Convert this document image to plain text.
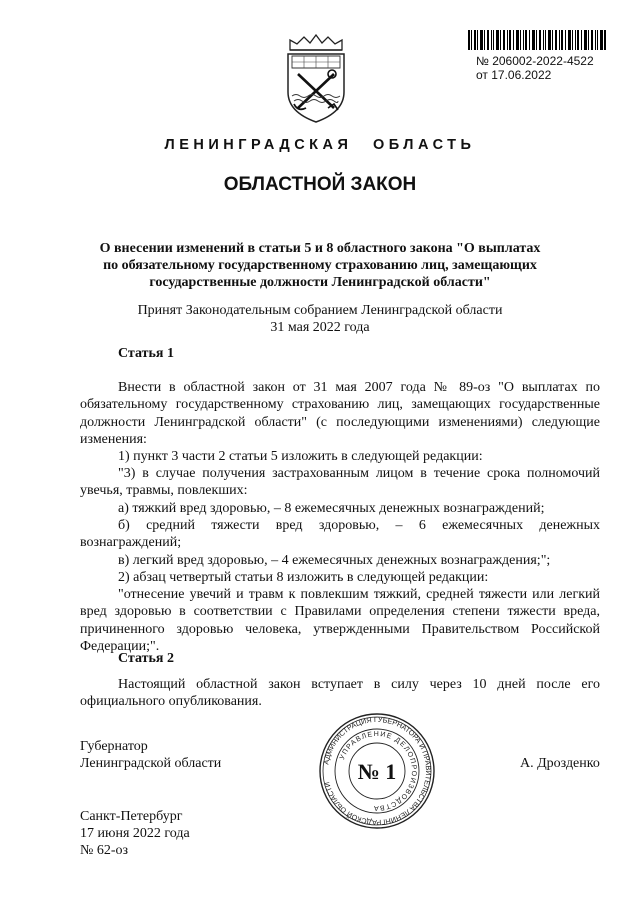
№ 206002-2022-4522
от 17.06.2022
ЛЕНИНГРАДСКАЯ ОБЛАСТЬ
ОБЛАСТНОЙ ЗАКОН
О внесении изменений в статьи 5 и 8 областного закона "О выплатах
по обязательному государственному страхованию лиц, замещающих
государственные должности Ленинградской области"
Принят Законодательным собранием Ленинградской области
31 мая 2022 года
Статья 1
Внести в областной закон от 31 мая 2007 года № 89-оз "О выплатах по обязательному государственному страхованию лиц, замещающих государственные должности Ленинградской области" (с последующими изменениями) следующие изменения:
1) пункт 3 части 2 статьи 5 изложить в следующей редакции:
"3) в случае получения застрахованным лицом в течение срока полномочий увечья, травмы, повлекших:
а) тяжкий вред здоровью, – 8 ежемесячных денежных вознаграждений;
б) средний тяжести вред здоровью, – 6 ежемесячных денежных вознаграждений;
в) легкий вред здоровью, – 4 ежемесячных денежных вознаграждения;";
2) абзац четвертый статьи 8 изложить в следующей редакции:
"отнесение увечий и травм к повлекшим тяжкий, средней тяжести или легкий вред здоровью в соответствии с Правилами определения степени тяжести вреда, причиненного здоровью человека, утвержденными Правительством Российской Федерации;".
Статья 2
Настоящий областной закон вступает в силу через 10 дней после его официального опубликования.
Губернатор
Ленинградской области	А. Дрозденко
АДМИНИСТРАЦИЯ ГУБЕРНАТОРА И ПРАВИТЕЛЬСТВА ЛЕНИНГРАДСКОЙ ОБЛАСТИ
УПРАВЛЕНИЕ ДЕЛОПРОИЗВОДСТВА
№ 1
Санкт-Петербург
17 июня 2022 года
№ 62-оз
